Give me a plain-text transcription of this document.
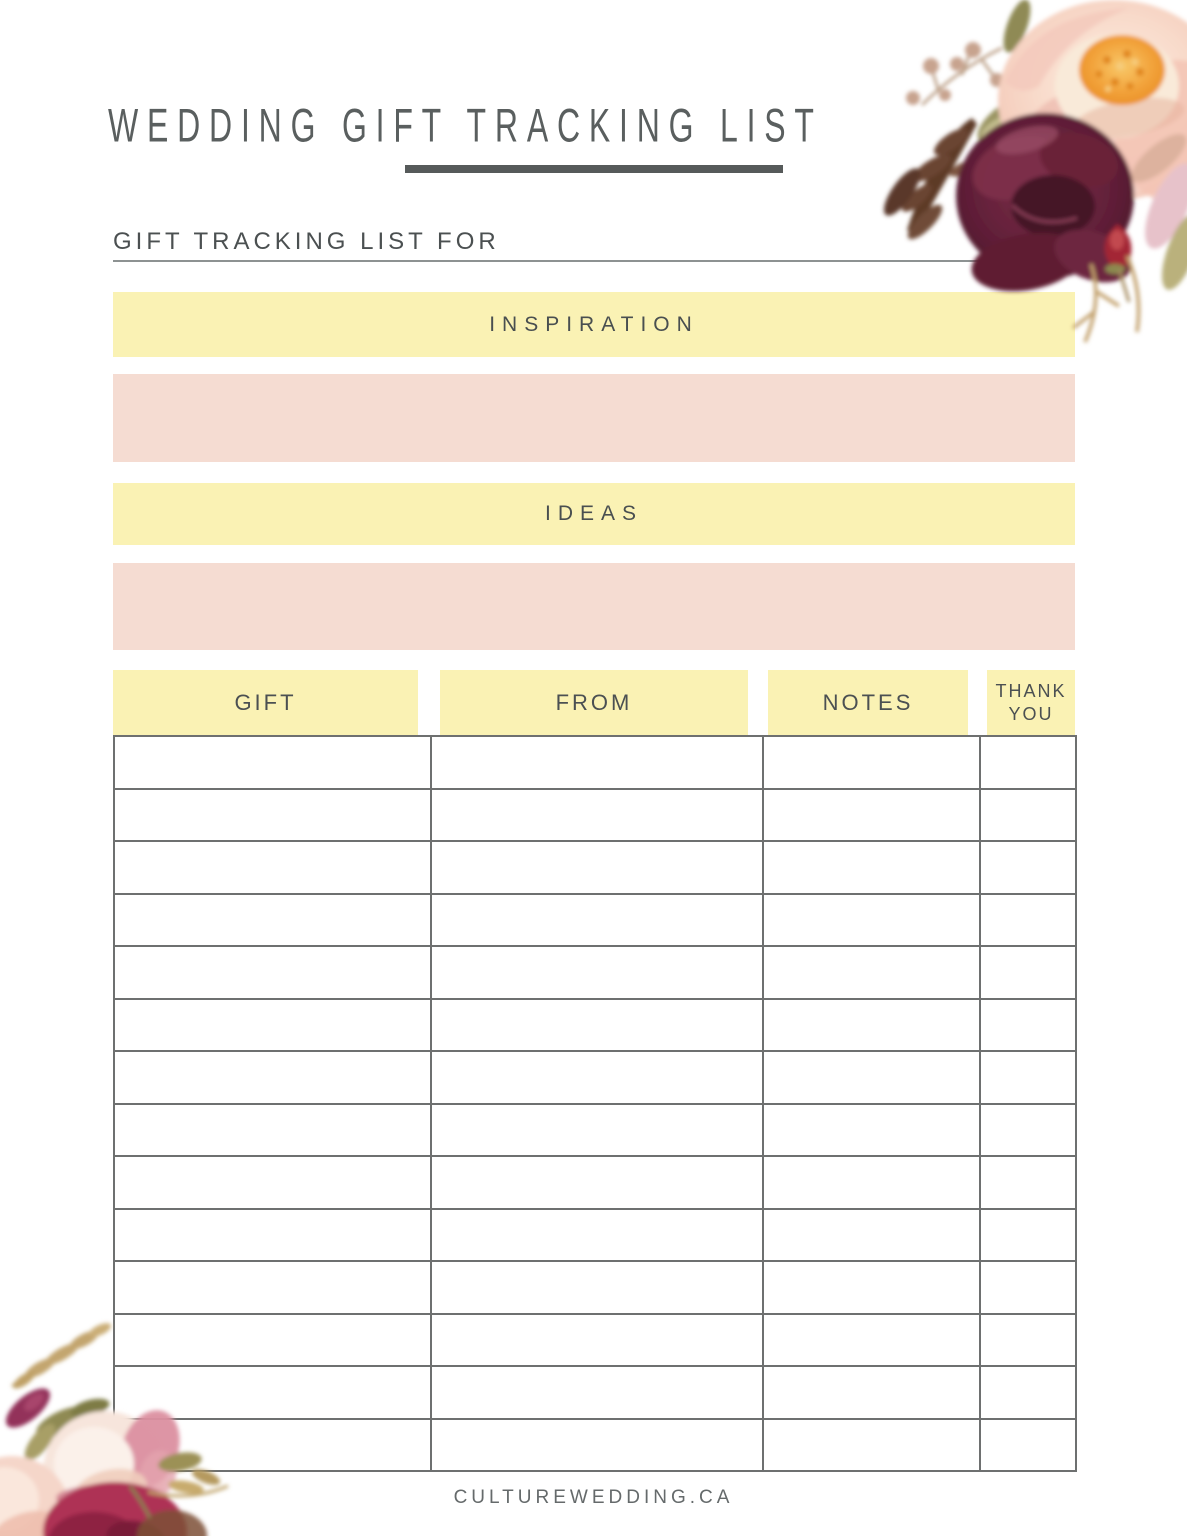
WEDDING GIFT TRACKING LIST
GIFT TRACKING LIST FOR
INSPIRATION
IDEAS
GIFT	FROM	NOTES	THANK YOU

CULTUREWEDDING.CA
